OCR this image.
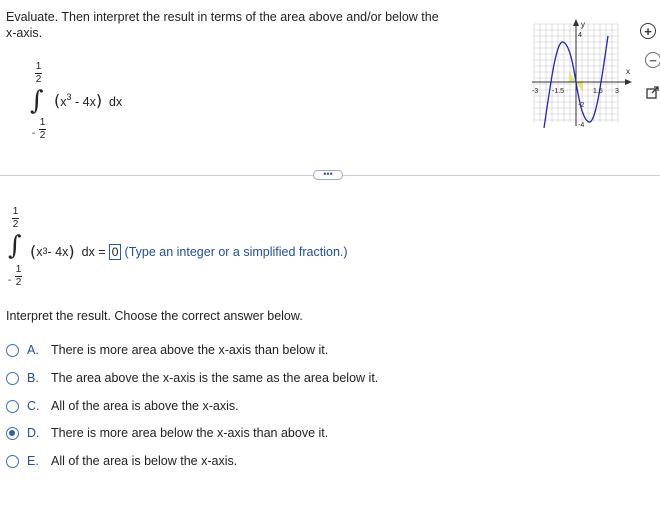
Evaluate. Then interpret the result in terms of the area above and/or below the x-axis.
1
2
∫ $(x^3 - 4x)$ dx
-
1
2
y
x
4
-2
-4
-3 -1.5	1.5 3
+
−
•••
1
2
∫ ( $x^3 - 4x$ )
dx
=
0
(Type an integer or a simplified fraction.)
-
1
2
Interpret the result. Choose the correct answer below.
A. There is more area above the x-axis than below it.
B. The area above the x-axis is the same as the area below it.
C. All of the area is above the x-axis.
D. There is more area below the x-axis than above it.
E. All of the area is below the x-axis.
